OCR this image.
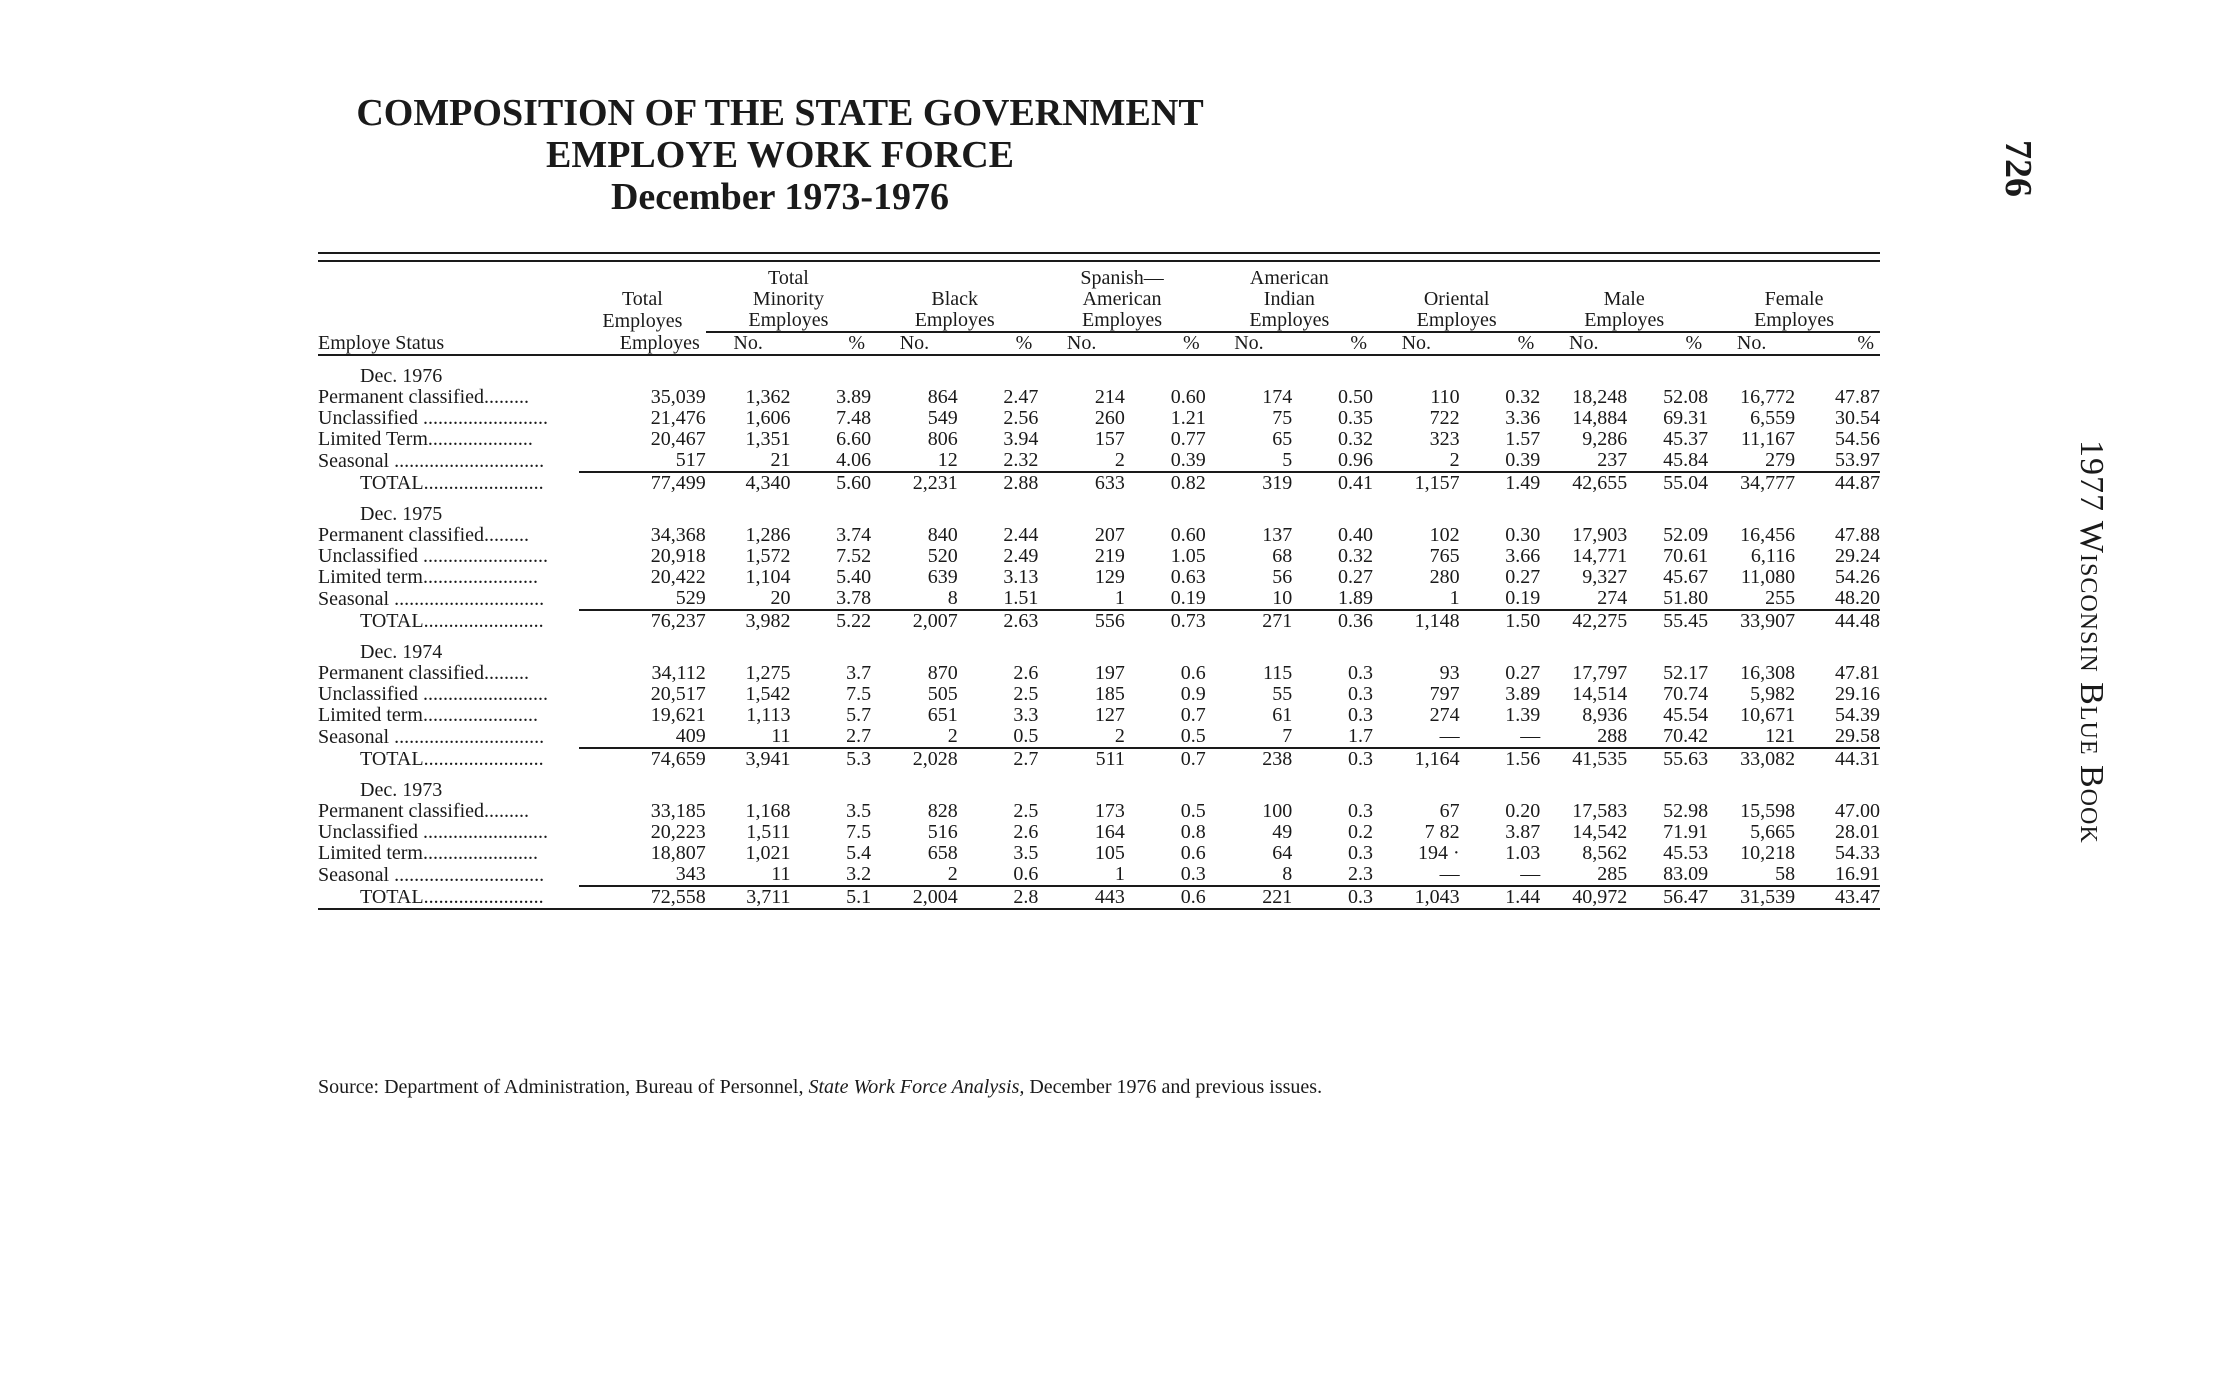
COMPOSITION OF THE STATE GOVERNMENT
EMPLOYE WORK FORCE
December 1973-1976	726
1977 Wisconsin Blue Book

		Total				Spanish—		American							
	Total	Minority		Black		American		Indian		Oriental		Male		Female	
	Employes	Employes		Employes		Employes		Employes		Employes		Employes		Employes	
Employe Status	Employes	No.	%	No.	%	No.	%	No.	%	No.	%	No.	%	No.	%
Dec. 1976															
Permanent classified.........	35,039	1,362	3.89	864	2.47	214	0.60	174	0.50	110	0.32	18,248	52.08	16,772	47.87
Unclassified .........................	21,476	1,606	7.48	549	2.56	260	1.21	75	0.35	722	3.36	14,884	69.31	6,559	30.54
Limited Term.....................	20,467	1,351	6.60	806	3.94	157	0.77	65	0.32	323	1.57	9,286	45.37	11,167	54.56
Seasonal ..............................	517	21	4.06	12	2.32	2	0.39	5	0.96	2	0.39	237	45.84	279	53.97
TOTAL........................	77,499	4,340	5.60	2,231	2.88	633	0.82	319	0.41	1,157	1.49	42,655	55.04	34,777	44.87
Dec. 1975															
Permanent classified.........	34,368	1,286	3.74	840	2.44	207	0.60	137	0.40	102	0.30	17,903	52.09	16,456	47.88
Unclassified .........................	20,918	1,572	7.52	520	2.49	219	1.05	68	0.32	765	3.66	14,771	70.61	6,116	29.24
Limited term.......................	20,422	1,104	5.40	639	3.13	129	0.63	56	0.27	280	0.27	9,327	45.67	11,080	54.26
Seasonal ..............................	529	20	3.78	8	1.51	1	0.19	10	1.89	1	0.19	274	51.80	255	48.20
TOTAL........................	76,237	3,982	5.22	2,007	2.63	556	0.73	271	0.36	1,148	1.50	42,275	55.45	33,907	44.48
Dec. 1974															
Permanent classified.........	34,112	1,275	3.7	870	2.6	197	0.6	115	0.3	93	0.27	17,797	52.17	16,308	47.81
Unclassified .........................	20,517	1,542	7.5	505	2.5	185	0.9	55	0.3	797	3.89	14,514	70.74	5,982	29.16
Limited term.......................	19,621	1,113	5.7	651	3.3	127	0.7	61	0.3	274	1.39	8,936	45.54	10,671	54.39
Seasonal ..............................	409	11	2.7	2	0.5	2	0.5	7	1.7	—	—	288	70.42	121	29.58
TOTAL........................	74,659	3,941	5.3	2,028	2.7	511	0.7	238	0.3	1,164	1.56	41,535	55.63	33,082	44.31
Dec. 1973															
Permanent classified.........	33,185	1,168	3.5	828	2.5	173	0.5	100	0.3	67	0.20	17,583	52.98	15,598	47.00
Unclassified .........................	20,223	1,511	7.5	516	2.6	164	0.8	49	0.2	7 82	3.87	14,542	71.91	5,665	28.01
Limited term.......................	18,807	1,021	5.4	658	3.5	105	0.6	64	0.3	194 ·	1.03	8,562	45.53	10,218	54.33
Seasonal ..............................	343	11	3.2	2	0.6	1	0.3	8	2.3	—	—	285	83.09	58	16.91
TOTAL........................	72,558	3,711	5.1	2,004	2.8	443	0.6	221	0.3	1,043	1.44	40,972	56.47	31,539	43.47

Source: Department of Administration, Bureau of Personnel, State Work Force Analysis, December 1976 and previous issues.
